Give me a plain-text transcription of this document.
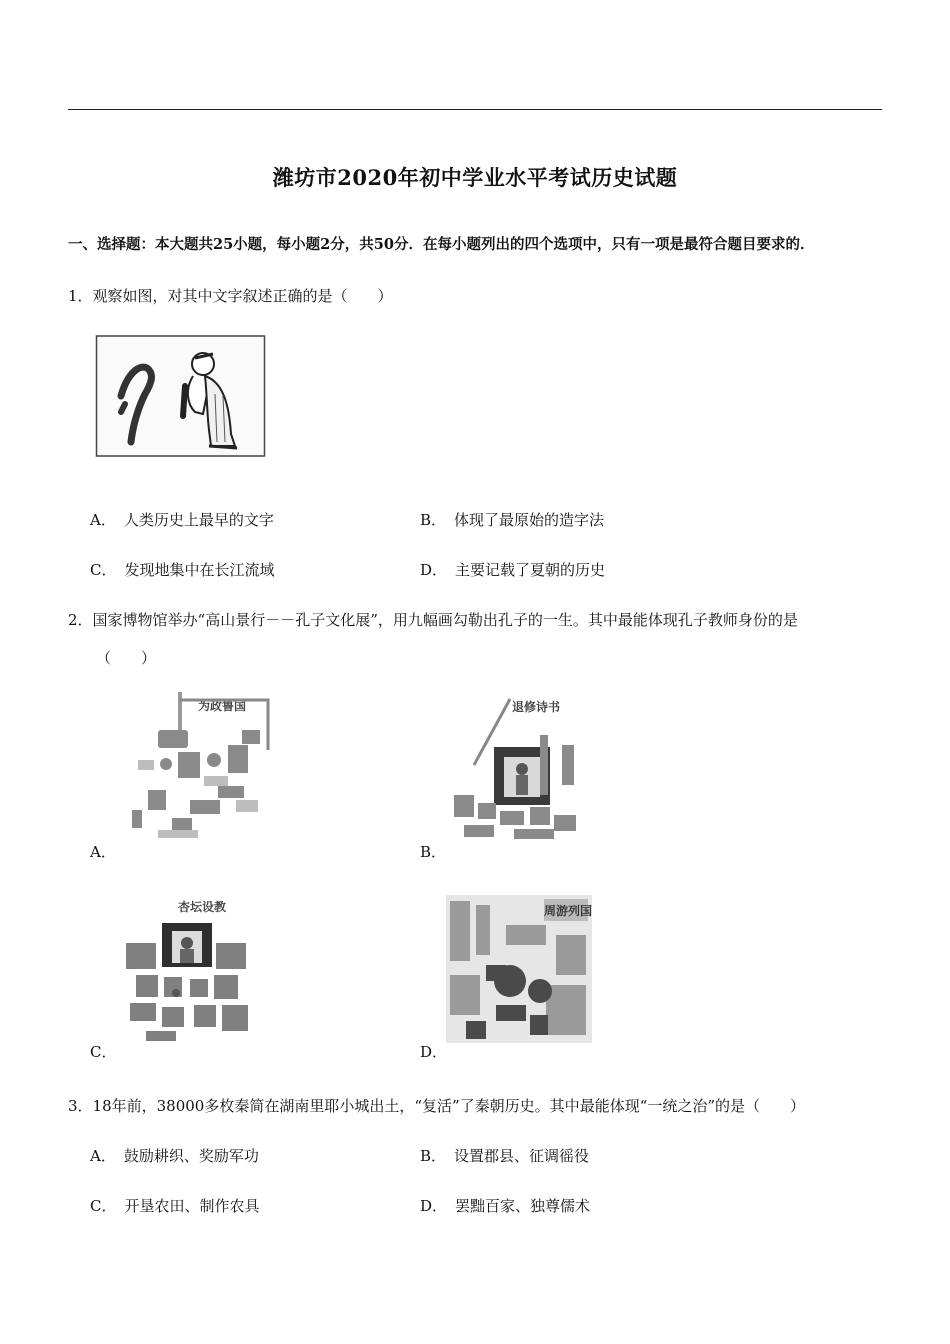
潍坊市2020年初中学业水平考试历史试题
一、选择题：本大题共25小题，每小题2分，共50分．在每小题列出的四个选项中，只有一项是最符合题目要求的．
1．观察如图，对其中文字叙述正确的是（　　）
A． 人类历史上最早的文字	B． 体现了最原始的造字法
C． 发现地集中在长江流域	D． 主要记载了夏朝的历史
2．国家博物馆举办“高山景行－－孔子文化展”，用九幅画勾勒出孔子的一生。其中最能体现孔子教师身份的是
（　　）
A．
为政鲁国
B．
退修诗书
C．
杏坛设教
D．
周游列国
3．18年前，38000多枚秦简在湖南里耶小城出土，“复活”了秦朝历史。其中最能体现“一统之治”的是（　　）
A． 鼓励耕织、奖励军功	B． 设置郡县、征调徭役
C． 开垦农田、制作农具	D． 罢黜百家、独尊儒术
